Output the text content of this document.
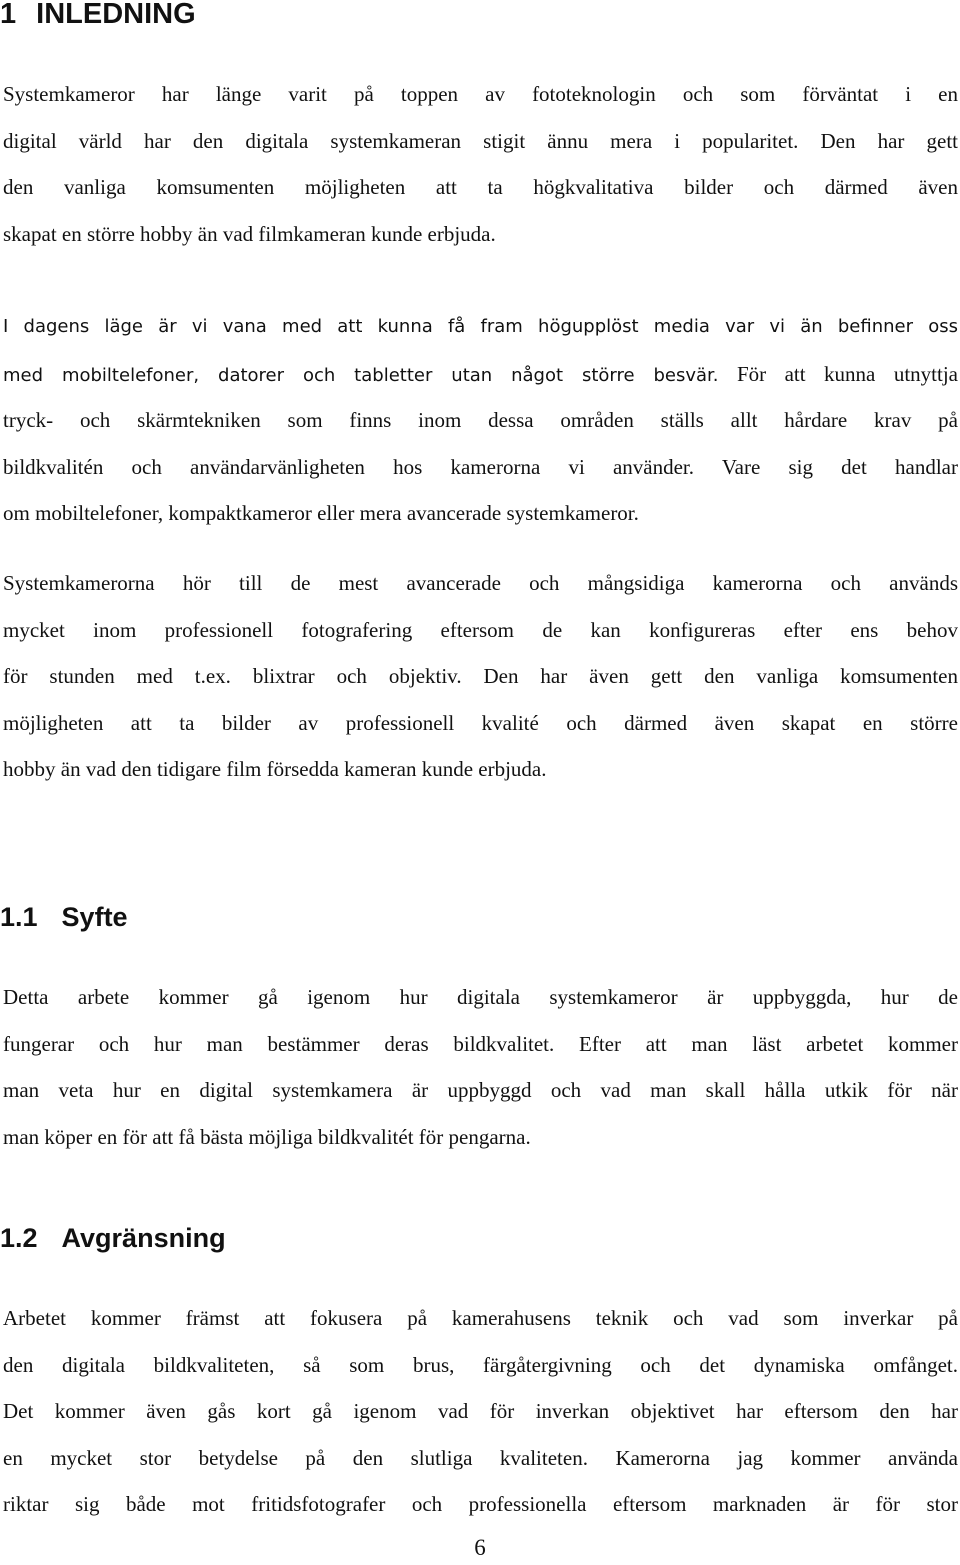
1 INLEDNING
Systemkameror har länge varit på toppen av fototeknologin och som förväntat i en
digital värld har den digitala systemkameran stigit ännu mera i popularitet. Den har gett
den vanliga komsumenten möjligheten att ta högkvalitativa bilder och därmed även
skapat en större hobby än vad filmkameran kunde erbjuda.
I dagens läge är vi vana med att kunna få fram högupplöst media var vi än befinner oss
med mobiltelefoner, datorer och tabletter utan något större besvär. För att kunna utnyttja
tryck- och skärmtekniken som finns inom dessa områden ställs allt hårdare krav på
bildkvalitén och användarvänligheten hos kamerorna vi använder. Vare sig det handlar
om mobiltelefoner, kompaktkameror eller mera avancerade systemkameror.
Systemkamerorna hör till de mest avancerade och mångsidiga kamerorna och används
mycket inom professionell fotografering eftersom de kan konfigureras efter ens behov
för stunden med t.ex. blixtrar och objektiv. Den har även gett den vanliga komsumenten
möjligheten att ta bilder av professionell kvalité och därmed även skapat en större
hobby än vad den tidigare film försedda kameran kunde erbjuda.
1.1 Syfte
Detta arbete kommer gå igenom hur digitala systemkameror är uppbyggda, hur de
fungerar och hur man bestämmer deras bildkvalitet. Efter att man läst arbetet kommer
man veta hur en digital systemkamera är uppbyggd och vad man skall hålla utkik för när
man köper en för att få bästa möjliga bildkvalitét för pengarna.
1.2 Avgränsning
Arbetet kommer främst att fokusera på kamerahusens teknik och vad som inverkar på
den digitala bildkvaliteten, så som brus, färgåtergivning och det dynamiska omfånget.
Det kommer även gås kort gå igenom vad för inverkan objektivet har eftersom den har
en mycket stor betydelse på den slutliga kvaliteten. Kamerorna jag kommer använda
riktar sig både mot fritidsfotografer och professionella eftersom marknaden är för stor
6
